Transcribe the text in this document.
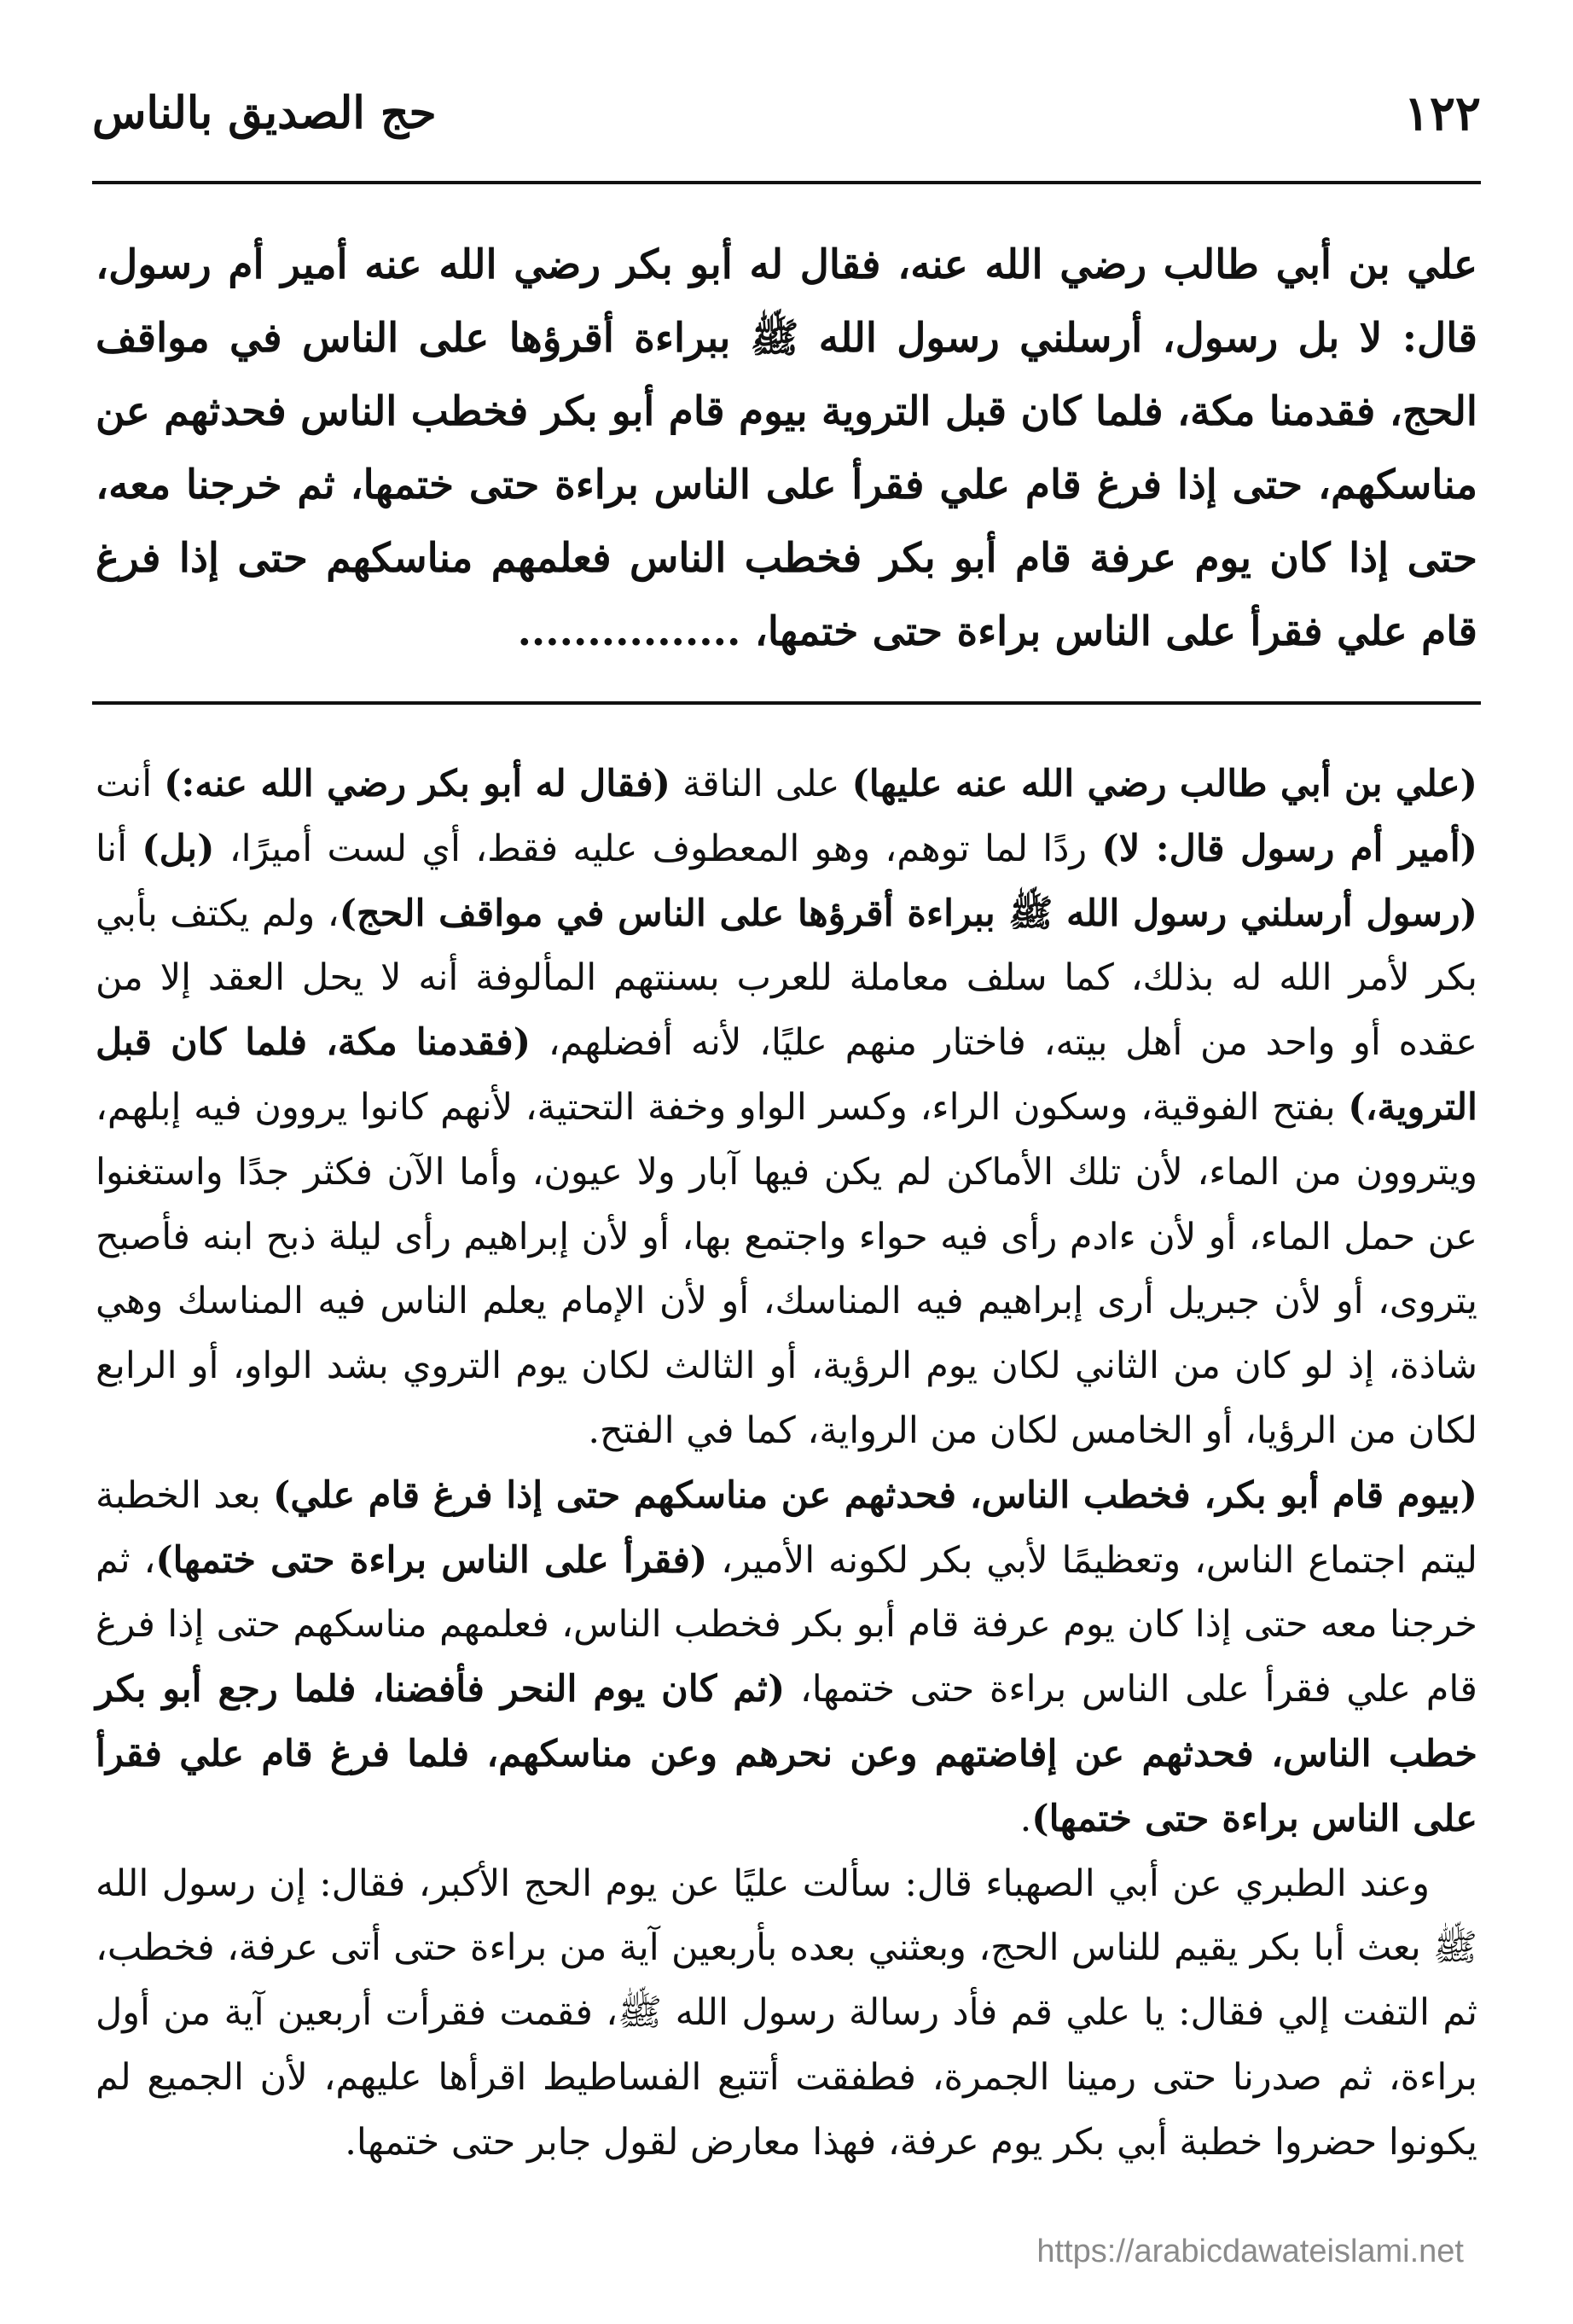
١٢٢
حج الصديق بالناس
علي بن أبي طالب رضي الله عنه، فقال له أبو بكر رضي الله عنه أمير أم رسول، قال: لا بل رسول، أرسلني رسول الله ﷺ ببراءة أقرؤها على الناس في مواقف الحج، فقدمنا مكة، فلما كان قبل التروية بيوم قام أبو بكر فخطب الناس فحدثهم عن مناسكهم، حتى إذا فرغ قام علي فقرأ على الناس براءة حتى ختمها، ثم خرجنا معه، حتى إذا كان يوم عرفة قام أبو بكر فخطب الناس فعلمهم مناسكهم حتى إذا فرغ قام علي فقرأ على الناس براءة حتى ختمها، ................

(علي بن أبي طالب رضي الله عنه عليها) على الناقة (فقال له أبو بكر رضي الله عنه:) أنت (أمير أم رسول قال: لا) ردًا لما توهم، وهو المعطوف عليه فقط، أي لست أميرًا، (بل) أنا (رسول أرسلني رسول الله ﷺ ببراءة أقرؤها على الناس في مواقف الحج)، ولم يكتف بأبي بكر لأمر الله له بذلك، كما سلف معاملة للعرب بسنتهم المألوفة أنه لا يحل العقد إلا من عقده أو واحد من أهل بيته، فاختار منهم عليًا، لأنه أفضلهم، (فقدمنا مكة، فلما كان قبل التروية،) بفتح الفوقية، وسكون الراء، وكسر الواو وخفة التحتية، لأنهم كانوا يروون فيه إبلهم، ويتروون من الماء، لأن تلك الأماكن لم يكن فيها آبار ولا عيون، وأما الآن فكثر جدًا واستغنوا عن حمل الماء، أو لأن ءادم رأى فيه حواء واجتمع بها، أو لأن إبراهيم رأى ليلة ذبح ابنه فأصبح يتروى، أو لأن جبريل أرى إبراهيم فيه المناسك، أو لأن الإمام يعلم الناس فيه المناسك وهي شاذة، إذ لو كان من الثاني لكان يوم الرؤية، أو الثالث لكان يوم التروي بشد الواو، أو الرابع لكان من الرؤيا، أو الخامس لكان من الرواية، كما في الفتح.

(بيوم قام أبو بكر، فخطب الناس، فحدثهم عن مناسكهم حتى إذا فرغ قام علي) بعد الخطبة ليتم اجتماع الناس، وتعظيمًا لأبي بكر لكونه الأمير، (فقرأ على الناس براءة حتى ختمها)، ثم خرجنا معه حتى إذا كان يوم عرفة قام أبو بكر فخطب الناس، فعلمهم مناسكهم حتى إذا فرغ قام علي فقرأ على الناس براءة حتى ختمها، (ثم كان يوم النحر فأفضنا، فلما رجع أبو بكر خطب الناس، فحدثهم عن إفاضتهم وعن نحرهم وعن مناسكهم، فلما فرغ قام علي فقرأ على الناس براءة حتى ختمها).

وعند الطبري عن أبي الصهباء قال: سألت عليًا عن يوم الحج الأكبر، فقال: إن رسول الله ﷺ بعث أبا بكر يقيم للناس الحج، وبعثني بعده بأربعين آية من براءة حتى أتى عرفة، فخطب، ثم التفت إلي فقال: يا علي قم فأد رسالة رسول الله ﷺ، فقمت فقرأت أربعين آية من أول براءة، ثم صدرنا حتى رمينا الجمرة، فطفقت أتتبع الفساطيط اقرأها عليهم، لأن الجميع لم يكونوا حضروا خطبة أبي بكر يوم عرفة، فهذا معارض لقول جابر حتى ختمها.

https://arabicdawateislami.net
